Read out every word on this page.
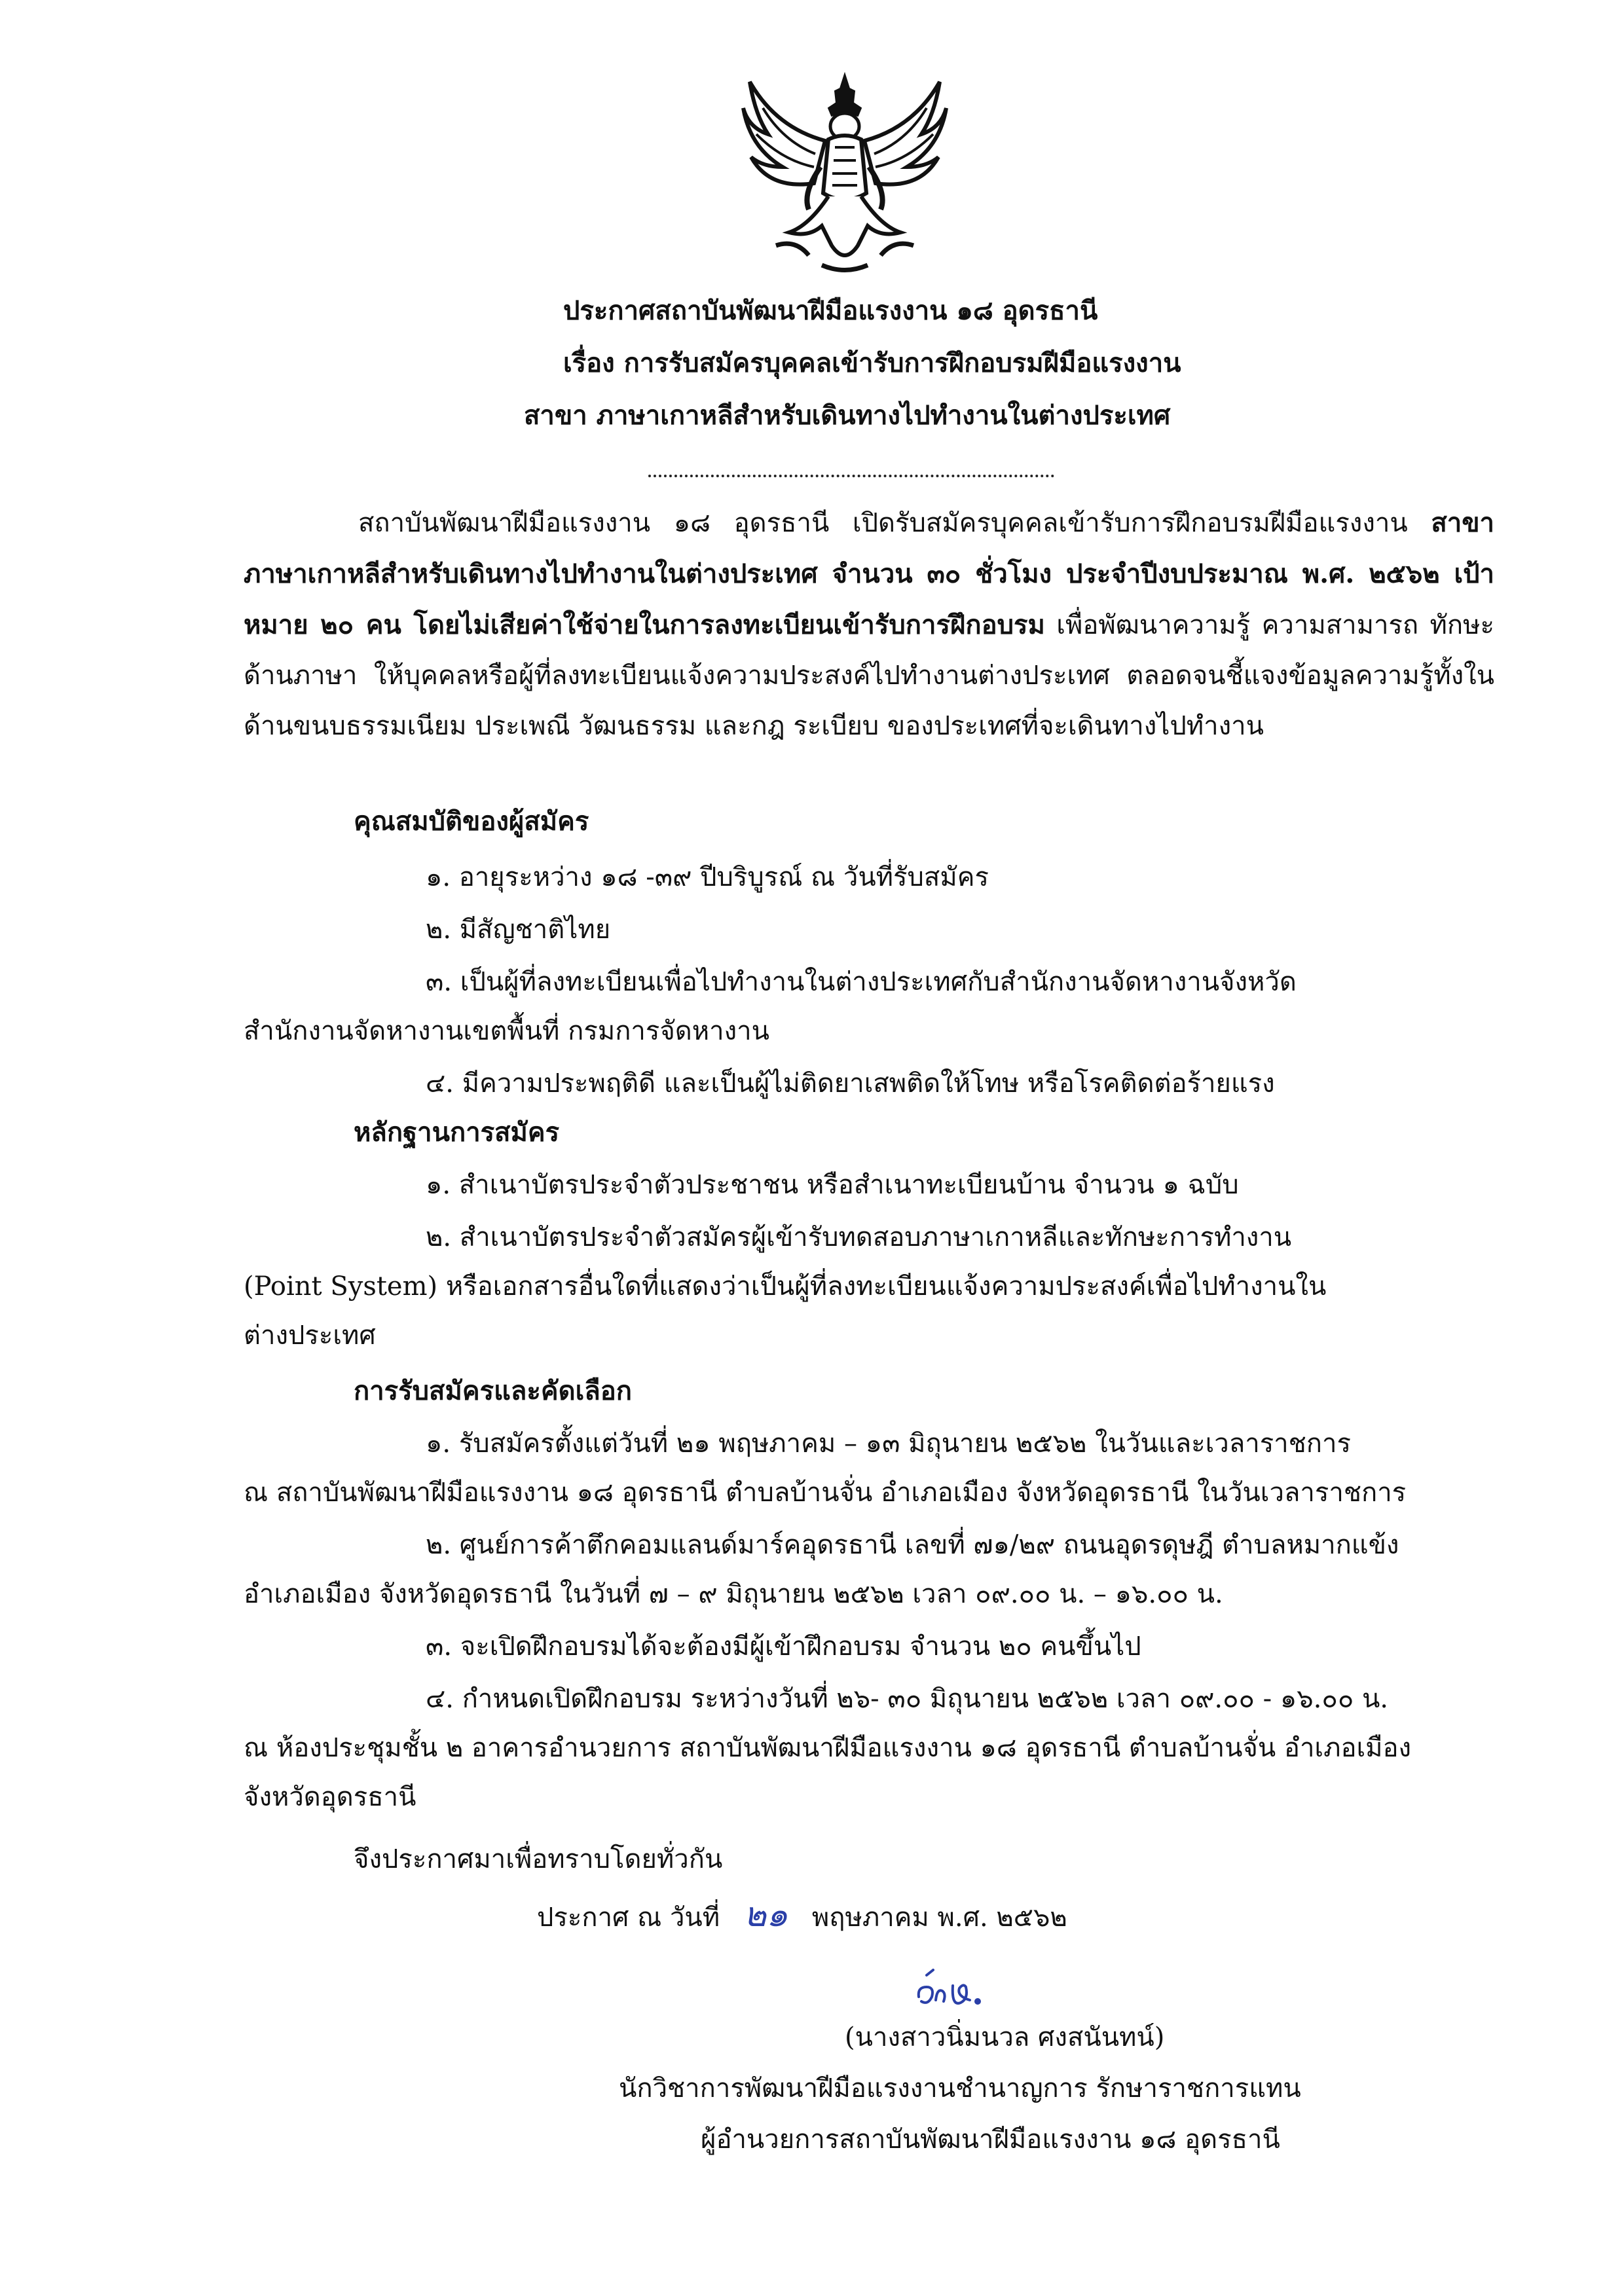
ประกาศสถาบันพัฒนาฝีมือแรงงาน ๑๘ อุดรธานี
เรื่อง การรับสมัครบุคคลเข้ารับการฝึกอบรมฝีมือแรงงาน
สาขา ภาษาเกาหลีสำหรับเดินทางไปทำงานในต่างประเทศ
สถาบันพัฒนาฝีมือแรงงาน ๑๘ อุดรธานี เปิดรับสมัครบุคคลเข้ารับการฝึกอบรมฝีมือแรงงาน สาขา ภาษาเกาหลีสำหรับเดินทางไปทำงานในต่างประเทศ จำนวน ๓๐ ชั่วโมง ประจำปีงบประมาณ พ.ศ. ๒๕๖๒ เป้าหมาย ๒๐ คน โดยไม่เสียค่าใช้จ่ายในการลงทะเบียนเข้ารับการฝึกอบรม เพื่อพัฒนาความรู้ ความสามารถ ทักษะด้านภาษา ให้บุคคลหรือผู้ที่ลงทะเบียนแจ้งความประสงค์ไปทำงานต่างประเทศ ตลอดจนชี้แจงข้อมูลความรู้ทั้งในด้านขนบธรรมเนียม ประเพณี วัฒนธรรม และกฎ ระเบียบ ของประเทศที่จะเดินทางไปทำงาน
คุณสมบัติของผู้สมัคร
๑. อายุระหว่าง ๑๘ -๓๙ ปีบริบูรณ์ ณ วันที่รับสมัคร
๒. มีสัญชาติไทย
๓. เป็นผู้ที่ลงทะเบียนเพื่อไปทำงานในต่างประเทศกับสำนักงานจัดหางานจังหวัด
สำนักงานจัดหางานเขตพื้นที่ กรมการจัดหางาน
๔. มีความประพฤติดี และเป็นผู้ไม่ติดยาเสพติดให้โทษ หรือโรคติดต่อร้ายแรง
หลักฐานการสมัคร
๑. สำเนาบัตรประจำตัวประชาชน หรือสำเนาทะเบียนบ้าน จำนวน ๑ ฉบับ
๒. สำเนาบัตรประจำตัวสมัครผู้เข้ารับทดสอบภาษาเกาหลีและทักษะการทำงาน
(Point System) หรือเอกสารอื่นใดที่แสดงว่าเป็นผู้ที่ลงทะเบียนแจ้งความประสงค์เพื่อไปทำงานใน
ต่างประเทศ
การรับสมัครและคัดเลือก
๑. รับสมัครตั้งแต่วันที่ ๒๑ พฤษภาคม – ๑๓ มิถุนายน ๒๕๖๒ ในวันและเวลาราชการ
ณ สถาบันพัฒนาฝีมือแรงงาน ๑๘ อุดรธานี ตำบลบ้านจั่น อำเภอเมือง จังหวัดอุดรธานี ในวันเวลาราชการ
๒. ศูนย์การค้าตึกคอมแลนด์มาร์คอุดรธานี เลขที่ ๗๑/๒๙ ถนนอุดรดุษฎี ตำบลหมากแข้ง
อำเภอเมือง จังหวัดอุดรธานี ในวันที่ ๗ – ๙ มิถุนายน ๒๕๖๒ เวลา ๐๙.๐๐ น. – ๑๖.๐๐ น.
๓. จะเปิดฝึกอบรมได้จะต้องมีผู้เข้าฝึกอบรม จำนวน ๒๐ คนขึ้นไป
๔. กำหนดเปิดฝึกอบรม ระหว่างวันที่ ๒๖- ๓๐ มิถุนายน ๒๕๖๒ เวลา ๐๙.๐๐ - ๑๖.๐๐ น.
ณ ห้องประชุมชั้น ๒ อาคารอำนวยการ สถาบันพัฒนาฝีมือแรงงาน ๑๘ อุดรธานี ตำบลบ้านจั่น อำเภอเมือง
จังหวัดอุดรธานี
จึงประกาศมาเพื่อทราบโดยทั่วกัน
ประกาศ ณ วันที่ ๒๑ พฤษภาคม พ.ศ. ๒๕๖๒
(นางสาวนิ่มนวล ศงสนันทน์)
นักวิชาการพัฒนาฝีมือแรงงานชำนาญการ รักษาราชการแทน
ผู้อำนวยการสถาบันพัฒนาฝีมือแรงงาน ๑๘ อุดรธานี
